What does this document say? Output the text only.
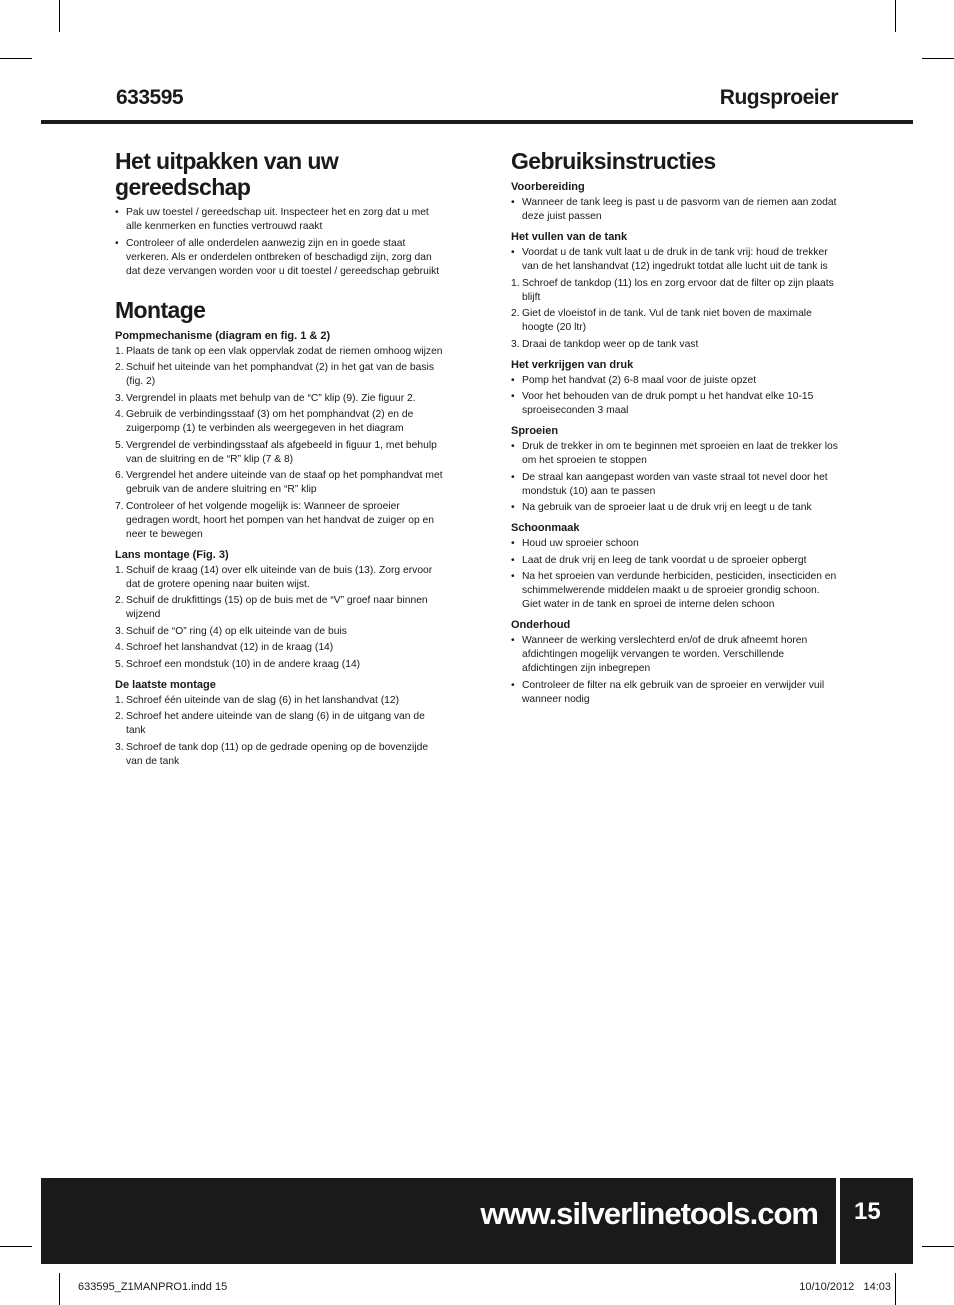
633595	Rugsproeier
Het uitpakken van uw gereedschap
• Pak uw toestel / gereedschap uit. Inspecteer het en zorg dat u met alle kenmerken en functies vertrouwd raakt
• Controleer of alle onderdelen aanwezig zijn en in goede staat verkeren. Als er onderdelen ontbreken of beschadigd zijn, zorg dan dat deze vervangen worden voor u dit toestel / gereedschap gebruikt
Montage
Pompmechanisme (diagram en fig. 1 & 2)
1. Plaats de tank op een vlak oppervlak zodat de riemen omhoog wijzen
2. Schuif het uiteinde van het pomphandvat (2) in het gat van de basis (fig. 2)
3. Vergrendel in plaats met behulp van de “C” klip (9). Zie figuur 2.
4. Gebruik de verbindingsstaaf (3) om het pomphandvat (2) en de zuigerpomp (1) te verbinden als weergegeven in het diagram
5. Vergrendel de verbindingsstaaf als afgebeeld in figuur 1, met behulp van de sluitring en de “R” klip (7 & 8)
6. Vergrendel het andere uiteinde van de staaf op het pomphandvat met gebruik van de andere sluitring en “R” klip
7. Controleer of het volgende mogelijk is: Wanneer de sproeier gedragen wordt, hoort het pompen van het handvat de zuiger op en neer te bewegen
Lans montage (Fig. 3)
1. Schuif de kraag (14) over elk uiteinde van de buis (13). Zorg ervoor dat de grotere opening naar buiten wijst.
2. Schuif de drukfittings (15) op de buis met de “V” groef naar binnen wijzend
3. Schuif de “O” ring (4) op elk uiteinde van de buis
4. Schroef het lanshandvat (12) in de kraag (14)
5. Schroef een mondstuk (10) in de andere kraag (14)
De laatste montage
1. Schroef één uiteinde van de slag (6) in het lanshandvat (12)
2. Schroef het andere uiteinde van de slang (6) in de uitgang van de tank
3. Schroef de tank dop (11) op de gedrade opening op de bovenzijde van de tank
Gebruiksinstructies
Voorbereiding
• Wanneer de tank leeg is past u de pasvorm van de riemen aan zodat deze juist passen
Het vullen van de tank
• Voordat u de tank vult laat u de druk in de tank vrij: houd de trekker van de het lanshandvat (12) ingedrukt totdat alle lucht uit de tank is
1. Schroef de tankdop (11) los en zorg ervoor dat de filter op zijn plaats blijft
2. Giet de vloeistof in de tank. Vul de tank niet boven de maximale hoogte (20 ltr)
3. Draai de tankdop weer op de tank vast
Het verkrijgen van druk
• Pomp het handvat (2) 6-8 maal voor de juiste opzet
• Voor het behouden van de druk pompt u het handvat elke 10-15 sproeiseconden 3 maal
Sproeien
• Druk de trekker in om te beginnen met sproeien en laat de trekker los om het sproeien te stoppen
• De straal kan aangepast worden van vaste straal tot nevel door het mondstuk (10) aan te passen
• Na gebruik van de sproeier laat u de druk vrij en leegt u de tank
Schoonmaak
• Houd uw sproeier schoon
• Laat de druk vrij en leeg de tank voordat u de sproeier opbergt
• Na het sproeien van verdunde herbiciden, pesticiden, insecticiden en schimmelwerende middelen maakt u de sproeier grondig schoon. Giet water in de tank en sproei de interne delen schoon
Onderhoud
• Wanneer de werking verslechterd en/of de druk afneemt horen afdichtingen mogelijk vervangen te worden. Verschillende afdichtingen zijn inbegrepen
• Controleer de filter na elk gebruik van de sproeier en verwijder vuil wanneer nodig
www.silverlinetools.com 15
633595_Z1MANPRO1.indd 15	10/10/2012   14:03
